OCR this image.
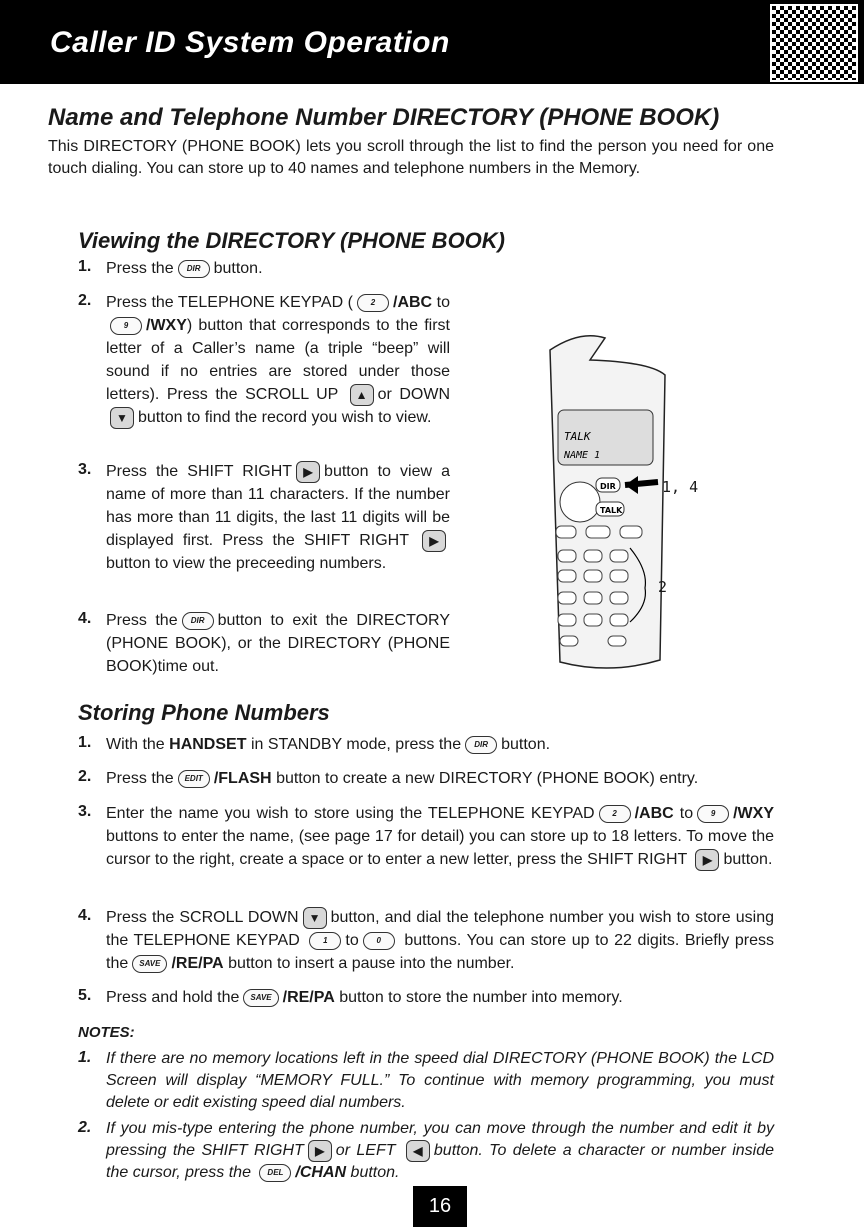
Caller ID System Operation
Name and Telephone Number DIRECTORY (PHONE BOOK)

This DIRECTORY (PHONE BOOK) lets you scroll through the list to find the person you need for one touch dialing. You can store up to 40 names and telephone numbers in the Memory.

Viewing the DIRECTORY (PHONE BOOK)
1. Press the DIR button.
2. Press the TELEPHONE KEYPAD ( 2 /ABC to9 /WXY) button that corresponds to the first letter of a Caller’s name (a triple “beep” will sound if no entries are stored under those letters). Press the SCROLL UP ▲ or DOWN ▼ button to find the record you wish to view.
3. Press the SHIFT RIGHT ▶ button to view a name of more than 11 characters. If the number has more than 11 digits, the last 11 digits will be displayed first. Press the SHIFT RIGHT ▶button to view the preceeding numbers.
4. Press the DIR button to exit the DIRECTORY (PHONE BOOK), or the DIRECTORY (PHONE BOOK)time out.
TALK
NAME 1
DIR
TALK
1, 4
2
Storing Phone Numbers
1. With the HANDSET in STANDBY mode, press the DIR button.
2. Press the EDIT /FLASH button to create a new DIRECTORY (PHONE BOOK) entry.
3. Enter the name you wish to store using the TELEPHONE KEYPAD 2 /ABC to 9 /WXY buttons to enter the name, (see page 17 for detail) you can store up to 18 letters. To move the cursor to the right, create a space or to enter a new letter, press the SHIFT RIGHT ▶ button.
4. Press the SCROLL DOWN ▼ button, and dial the telephone number you wish to store using the TELEPHONE KEYPAD	1 to 0 buttons. You can store up to 22 digits. Briefly press the SAVE /RE/PA button to insert a pause into the number.
5. Press and hold the SAVE /RE/PA button to store the number into memory.
NOTES:
1. If there are no memory locations left in the speed dial DIRECTORY (PHONE BOOK) the LCD Screen will display “MEMORY FULL.” To continue with memory programming, you must delete or edit existing speed dial numbers.
2. If you mis-type entering the phone number, you can move through the number and edit it by pressing the SHIFT RIGHT ▶ or LEFT ◀ button. To delete a character or number inside the cursor, press the DEL /CHAN button.
16
